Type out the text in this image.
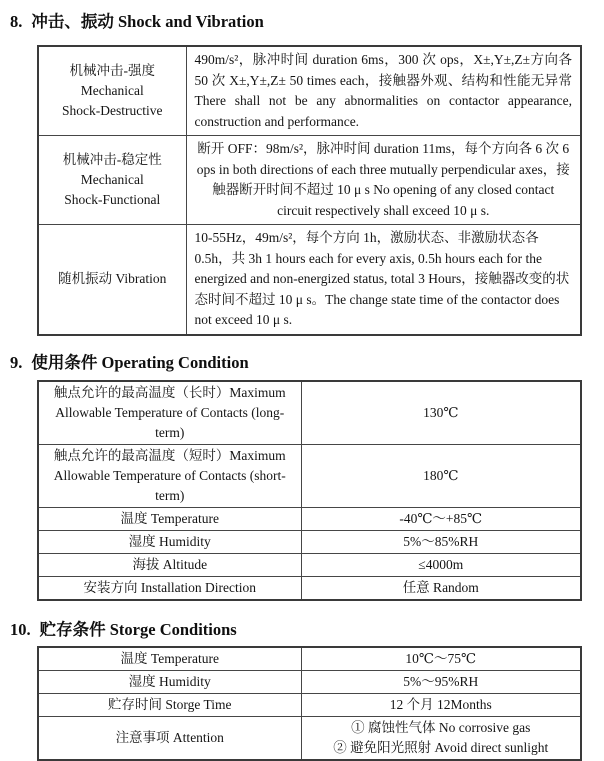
8. 冲击、振动 Shock and Vibration
机械冲击-强度
Mechanical
Shock-Destructive	490m/s²，脉冲时间 duration 6ms，300 次 ops，X±,Y±,Z±方向各 50 次 X±,Y±,Z± 50 times each，接触器外观、结构和性能无异常 There shall not be any abnormalities on contactor appearance, construction and performance.

机械冲击-稳定性
Mechanical
Shock-Functional
	断开 OFF：98m/s²，脉冲时间 duration 11ms，每个方向各 6 次 6 ops in both directions of each three mutually perpendicular axes，接触器断开时间不超过 10 μ s No opening of any closed contact circuit respectively shall exceed 10 μ s.

随机振动 Vibration	10-55Hz，49m/s²，每个方向 1h，激励状态、非激励状态各 0.5h，共 3h 1 hours each for every axis, 0.5h hours each for the energized and non-energized status, total 3 Hours，接触器改变的状态时间不超过 10 μ s。The change state time of the contactor does not exceed 10 μ s.
9. 使用条件 Operating Condition
触点允许的最高温度（长时）Maximum Allowable Temperature of Contacts (long-term)	130℃
触点允许的最高温度（短时）Maximum Allowable Temperature of Contacts (short-term)	180℃
温度 Temperature	-40℃～+85℃
湿度 Humidity	5%～85%RH
海拔 Altitude	≤4000m
安装方向 Installation Direction	任意 Random
10. 贮存条件 Storge Conditions
温度 Temperature	10℃～75℃
湿度 Humidity	5%～95%RH
贮存时间 Storge Time	12 个月 12Months
注意事项 Attention	① 腐蚀性气体 No corrosive gas
② 避免阳光照射 Avoid direct sunlight
